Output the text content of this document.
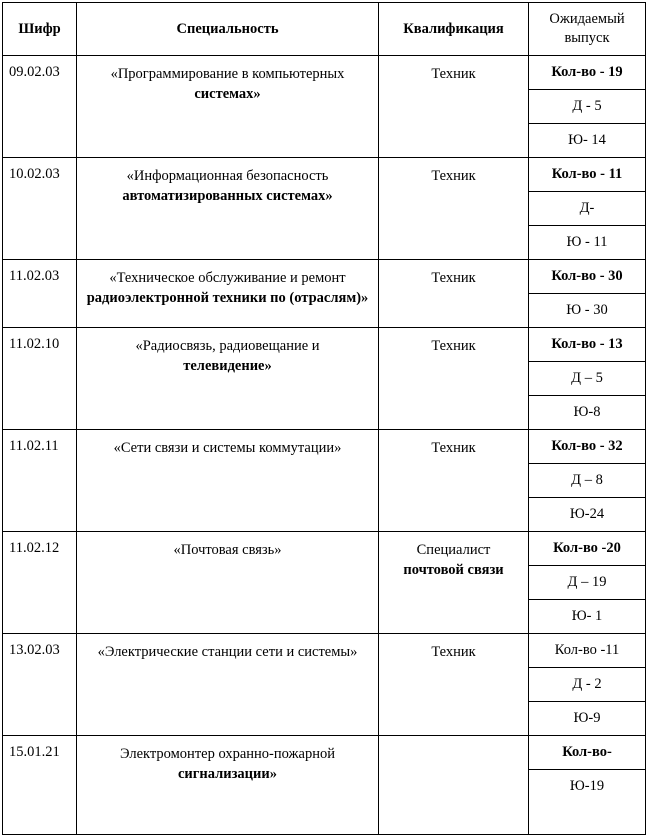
Шифр	Специальность	Квалификация	Ожидаемый
выпуск
09.02.03	«Программирование в компьютерных
системах»	Техник	Кол-во - 19
			Д - 5
			Ю- 14
10.02.03	«Информационная безопасность
автоматизированных системах»	Техник	Кол-во - 11
			Д-
			Ю - 11
11.02.03	«Техническое обслуживание и ремонт
радиоэлектронной техники по (отраслям)»	Техник	Кол-во - 30
			Ю - 30
11.02.10	«Радиосвязь, радиовещание и
телевидение»	Техник	Кол-во - 13
			Д – 5
			Ю-8
11.02.11	«Сети связи и системы коммутации»	Техник	Кол-во - 32
			Д – 8
			Ю-24
11.02.12	«Почтовая связь»	Специалист
почтовой связи	Кол-во -20
			Д – 19
			Ю- 1
13.02.03	«Электрические станции сети и системы»	Техник	Кол-во -11
			Д - 2
			Ю-9
15.01.21	Электромонтер охранно-пожарной
сигнализации»		Кол-во-
			Ю-19
